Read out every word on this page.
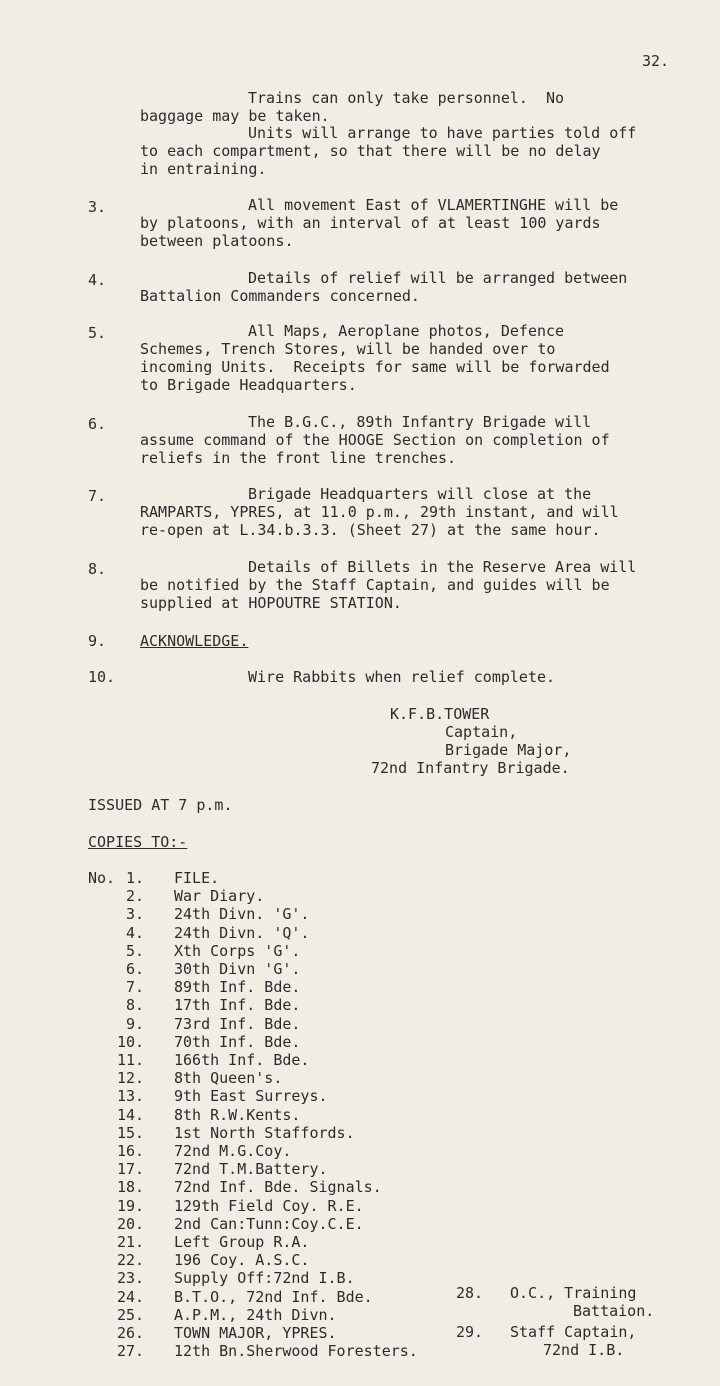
32.
Trains can only take personnel.  No
baggage may be taken.
Units will arrange to have parties told off
to each compartment, so that there will be no delay
in entraining.
3.	All movement East of VLAMERTINGHE will be
by platoons, with an interval of at least 100 yards
between platoons.
4.	Details of relief will be arranged between
Battalion Commanders concerned.
5.	All Maps, Aeroplane photos, Defence
Schemes, Trench Stores, will be handed over to
incoming Units.  Receipts for same will be forwarded
to Brigade Headquarters.
6.	The B.G.C., 89th Infantry Brigade will
assume command of the HOOGE Section on completion of
reliefs in the front line trenches.
7.	Brigade Headquarters will close at the
RAMPARTS, YPRES, at 11.0 p.m., 29th instant, and will
re-open at L.34.b.3.3. (Sheet 27) at the same hour.
8.	Details of Billets in the Reserve Area will
be notified by the Staff Captain, and guides will be
supplied at HOPOUTRE STATION.
9. ACKNOWLEDGE.
10.	Wire Rabbits when relief complete.
K.F.B.TOWER
Captain,
Brigade Major,
72nd Infantry Brigade.
ISSUED AT 7 p.m.
COPIES TO:-
No. 1. FILE.
2. War Diary.
3. 24th Divn. 'G'.
4. 24th Divn. 'Q'.
5. Xth Corps 'G'.
6. 30th Divn 'G'.
7. 89th Inf. Bde.
8. 17th Inf. Bde.
9. 73rd Inf. Bde.
10. 70th Inf. Bde.
11. 166th Inf. Bde.
12. 8th Queen's.
13. 9th East Surreys.
14. 8th R.W.Kents.
15. 1st North Staffords.
16. 72nd M.G.Coy.
17. 72nd T.M.Battery.
18. 72nd Inf. Bde. Signals.
19. 129th Field Coy. R.E.
20. 2nd Can:Tunn:Coy.C.E.
21. Left Group R.A.
22. 196 Coy. A.S.C.
23. Supply Off:72nd I.B.
24. B.T.O., 72nd Inf. Bde.
25. A.P.M., 24th Divn.
26. TOWN MAJOR, YPRES.
27. 12th Bn.Sherwood Foresters.
28. O.C., Training
Battaion.
29. Staff Captain,
72nd I.B.
